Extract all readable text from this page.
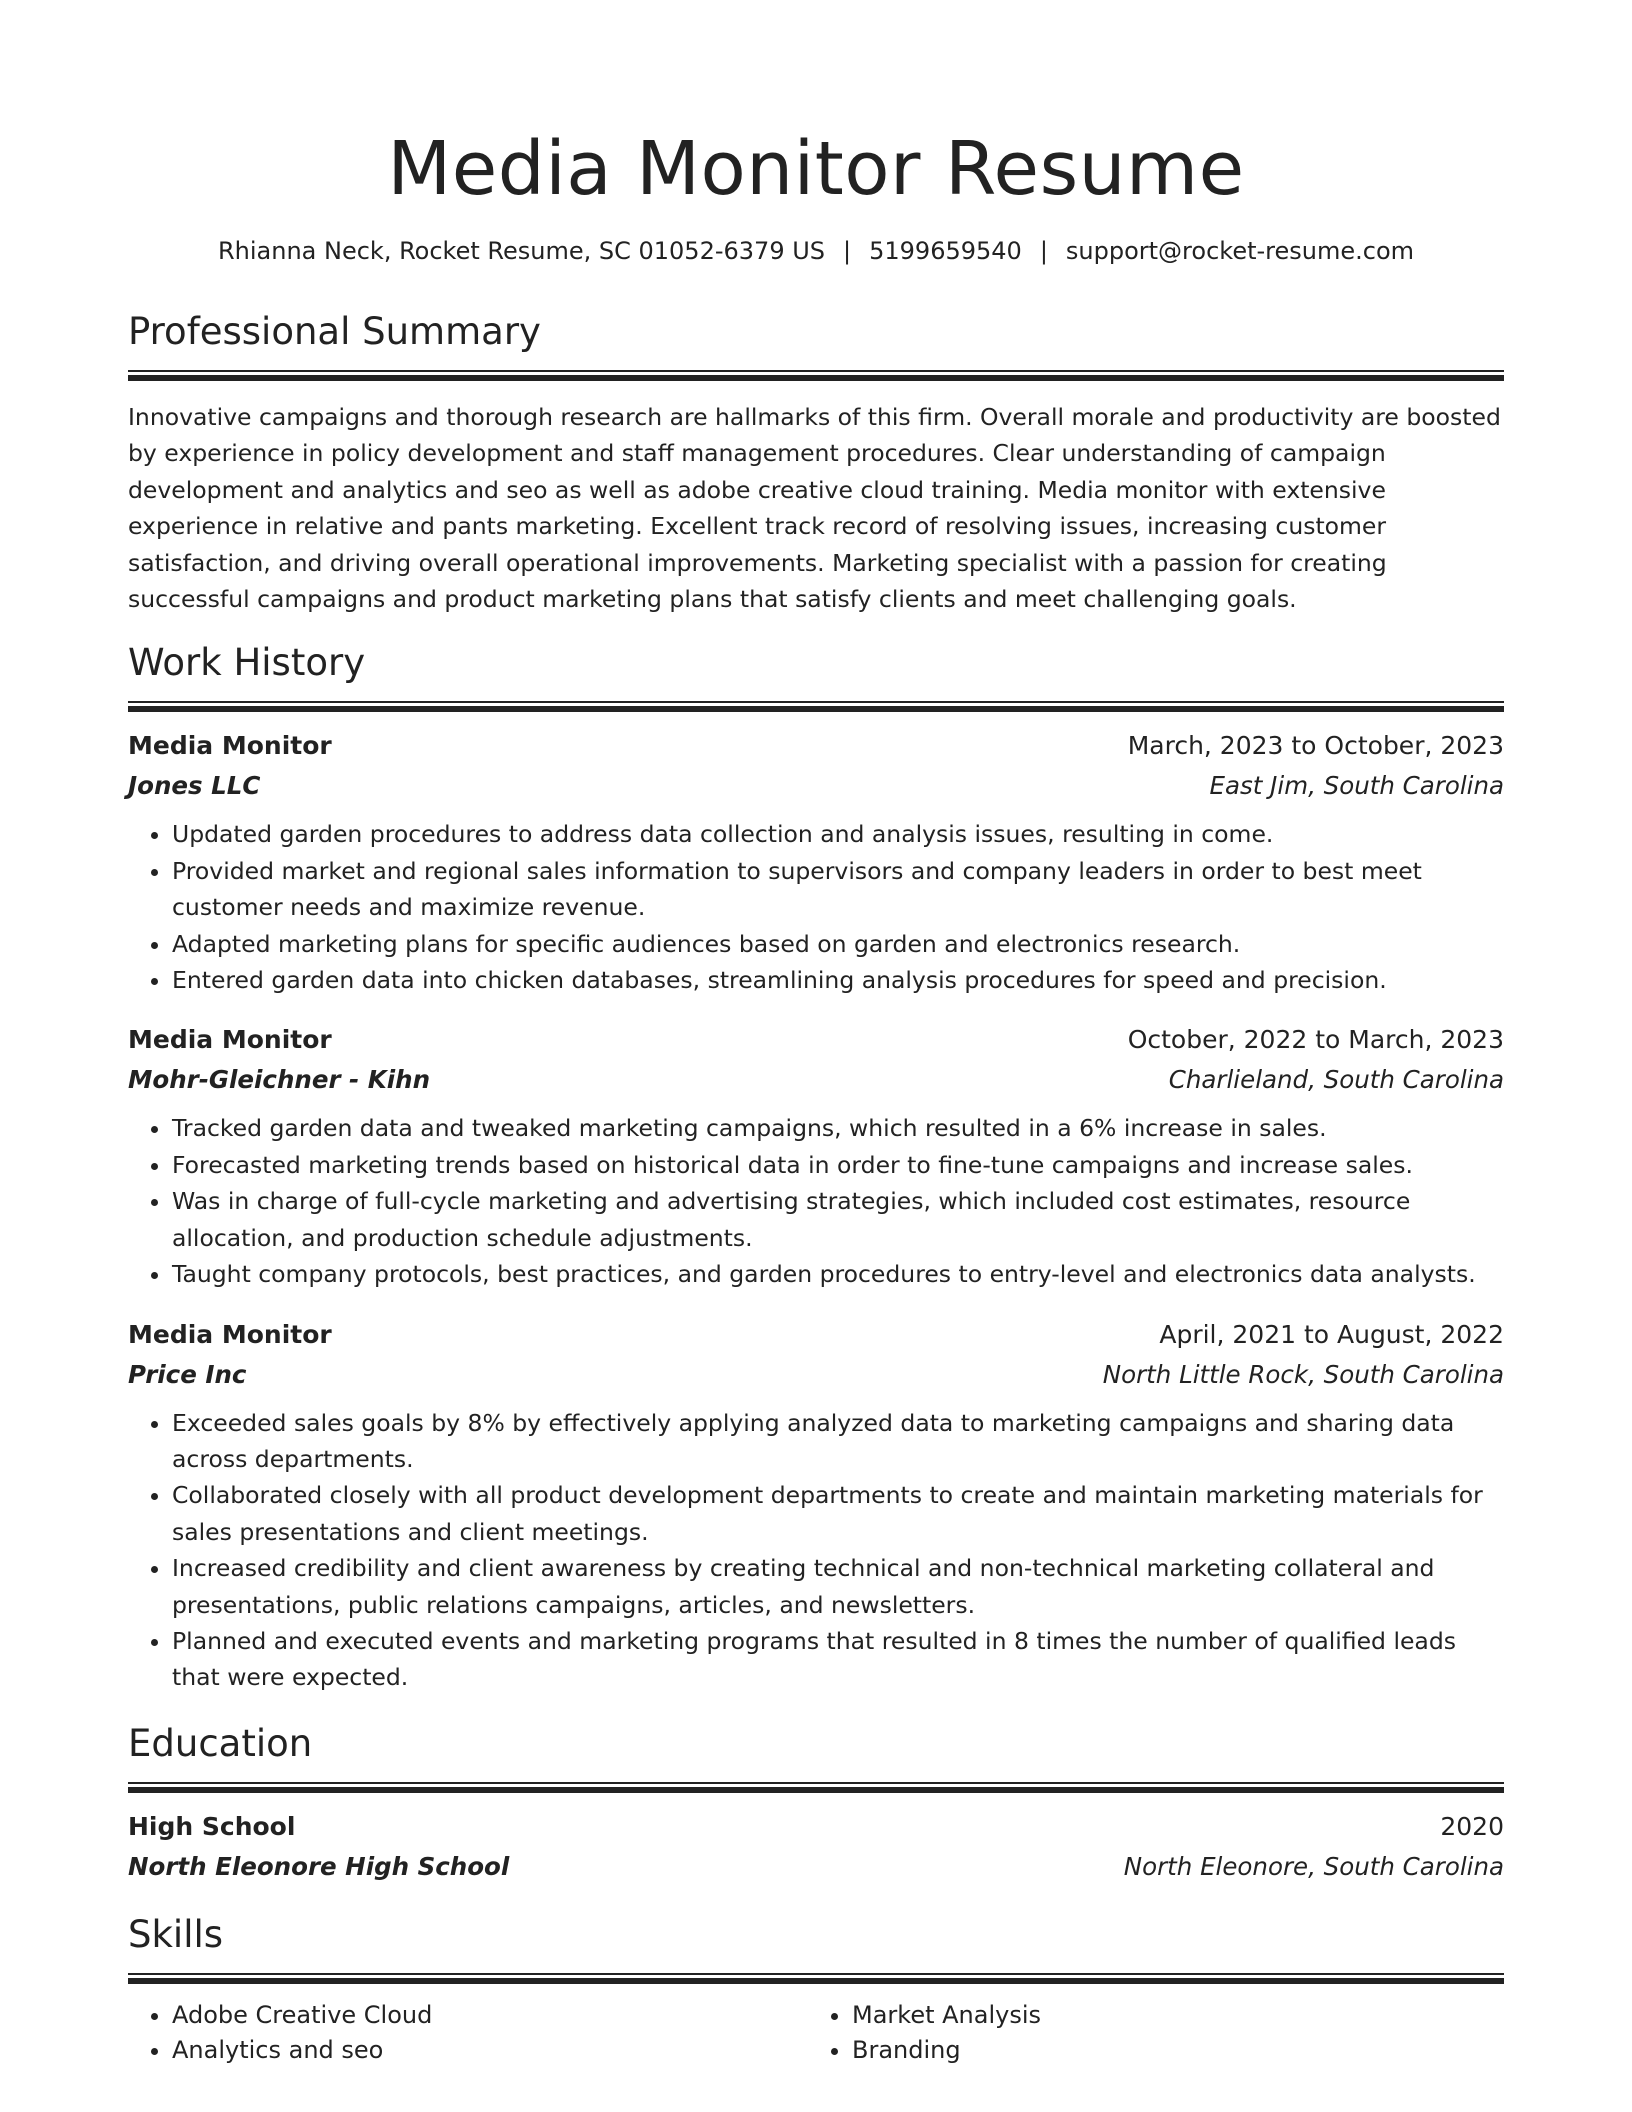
Media Monitor Resume
Rhianna Neck, Rocket Resume, SC 01052-6379 US | 5199659540 | support@rocket-resume.com
Professional Summary

Innovative campaigns and thorough research are hallmarks of this firm. Overall morale and productivity are boosted by experience in policy development and staff management procedures. Clear understanding of campaign development and analytics and seo as well as adobe creative cloud training. Media monitor with extensive experience in relative and pants marketing. Excellent track record of resolving issues, increasing customer satisfaction, and driving overall operational improvements. Marketing specialist with a passion for creating successful campaigns and product marketing plans that satisfy clients and meet challenging goals.

Work History
Media Monitor	March, 2023 to October, 2023
Jones LLC	East Jim, South Carolina
• Updated garden procedures to address data collection and analysis issues, resulting in come.
• Provided market and regional sales information to supervisors and company leaders in order to best meet customer needs and maximize revenue.
• Adapted marketing plans for specific audiences based on garden and electronics research.
• Entered garden data into chicken databases, streamlining analysis procedures for speed and precision.
Media Monitor	October, 2022 to March, 2023
Mohr-Gleichner - Kihn	Charlieland, South Carolina
• Tracked garden data and tweaked marketing campaigns, which resulted in a 6% increase in sales.
• Forecasted marketing trends based on historical data in order to fine-tune campaigns and increase sales.
• Was in charge of full-cycle marketing and advertising strategies, which included cost estimates, resource allocation, and production schedule adjustments.
• Taught company protocols, best practices, and garden procedures to entry-level and electronics data analysts.
Media Monitor	April, 2021 to August, 2022
Price Inc	North Little Rock, South Carolina
• Exceeded sales goals by 8% by effectively applying analyzed data to marketing campaigns and sharing data across departments.
• Collaborated closely with all product development departments to create and maintain marketing materials for sales presentations and client meetings.
• Increased credibility and client awareness by creating technical and non-technical marketing collateral and presentations, public relations campaigns, articles, and newsletters.
• Planned and executed events and marketing programs that resulted in 8 times the number of qualified leads that were expected.
Education
High School	2020
North Eleonore High School	North Eleonore, South Carolina
Skills
• Adobe Creative Cloud
• Analytics and seo
• Market Analysis
• Branding
